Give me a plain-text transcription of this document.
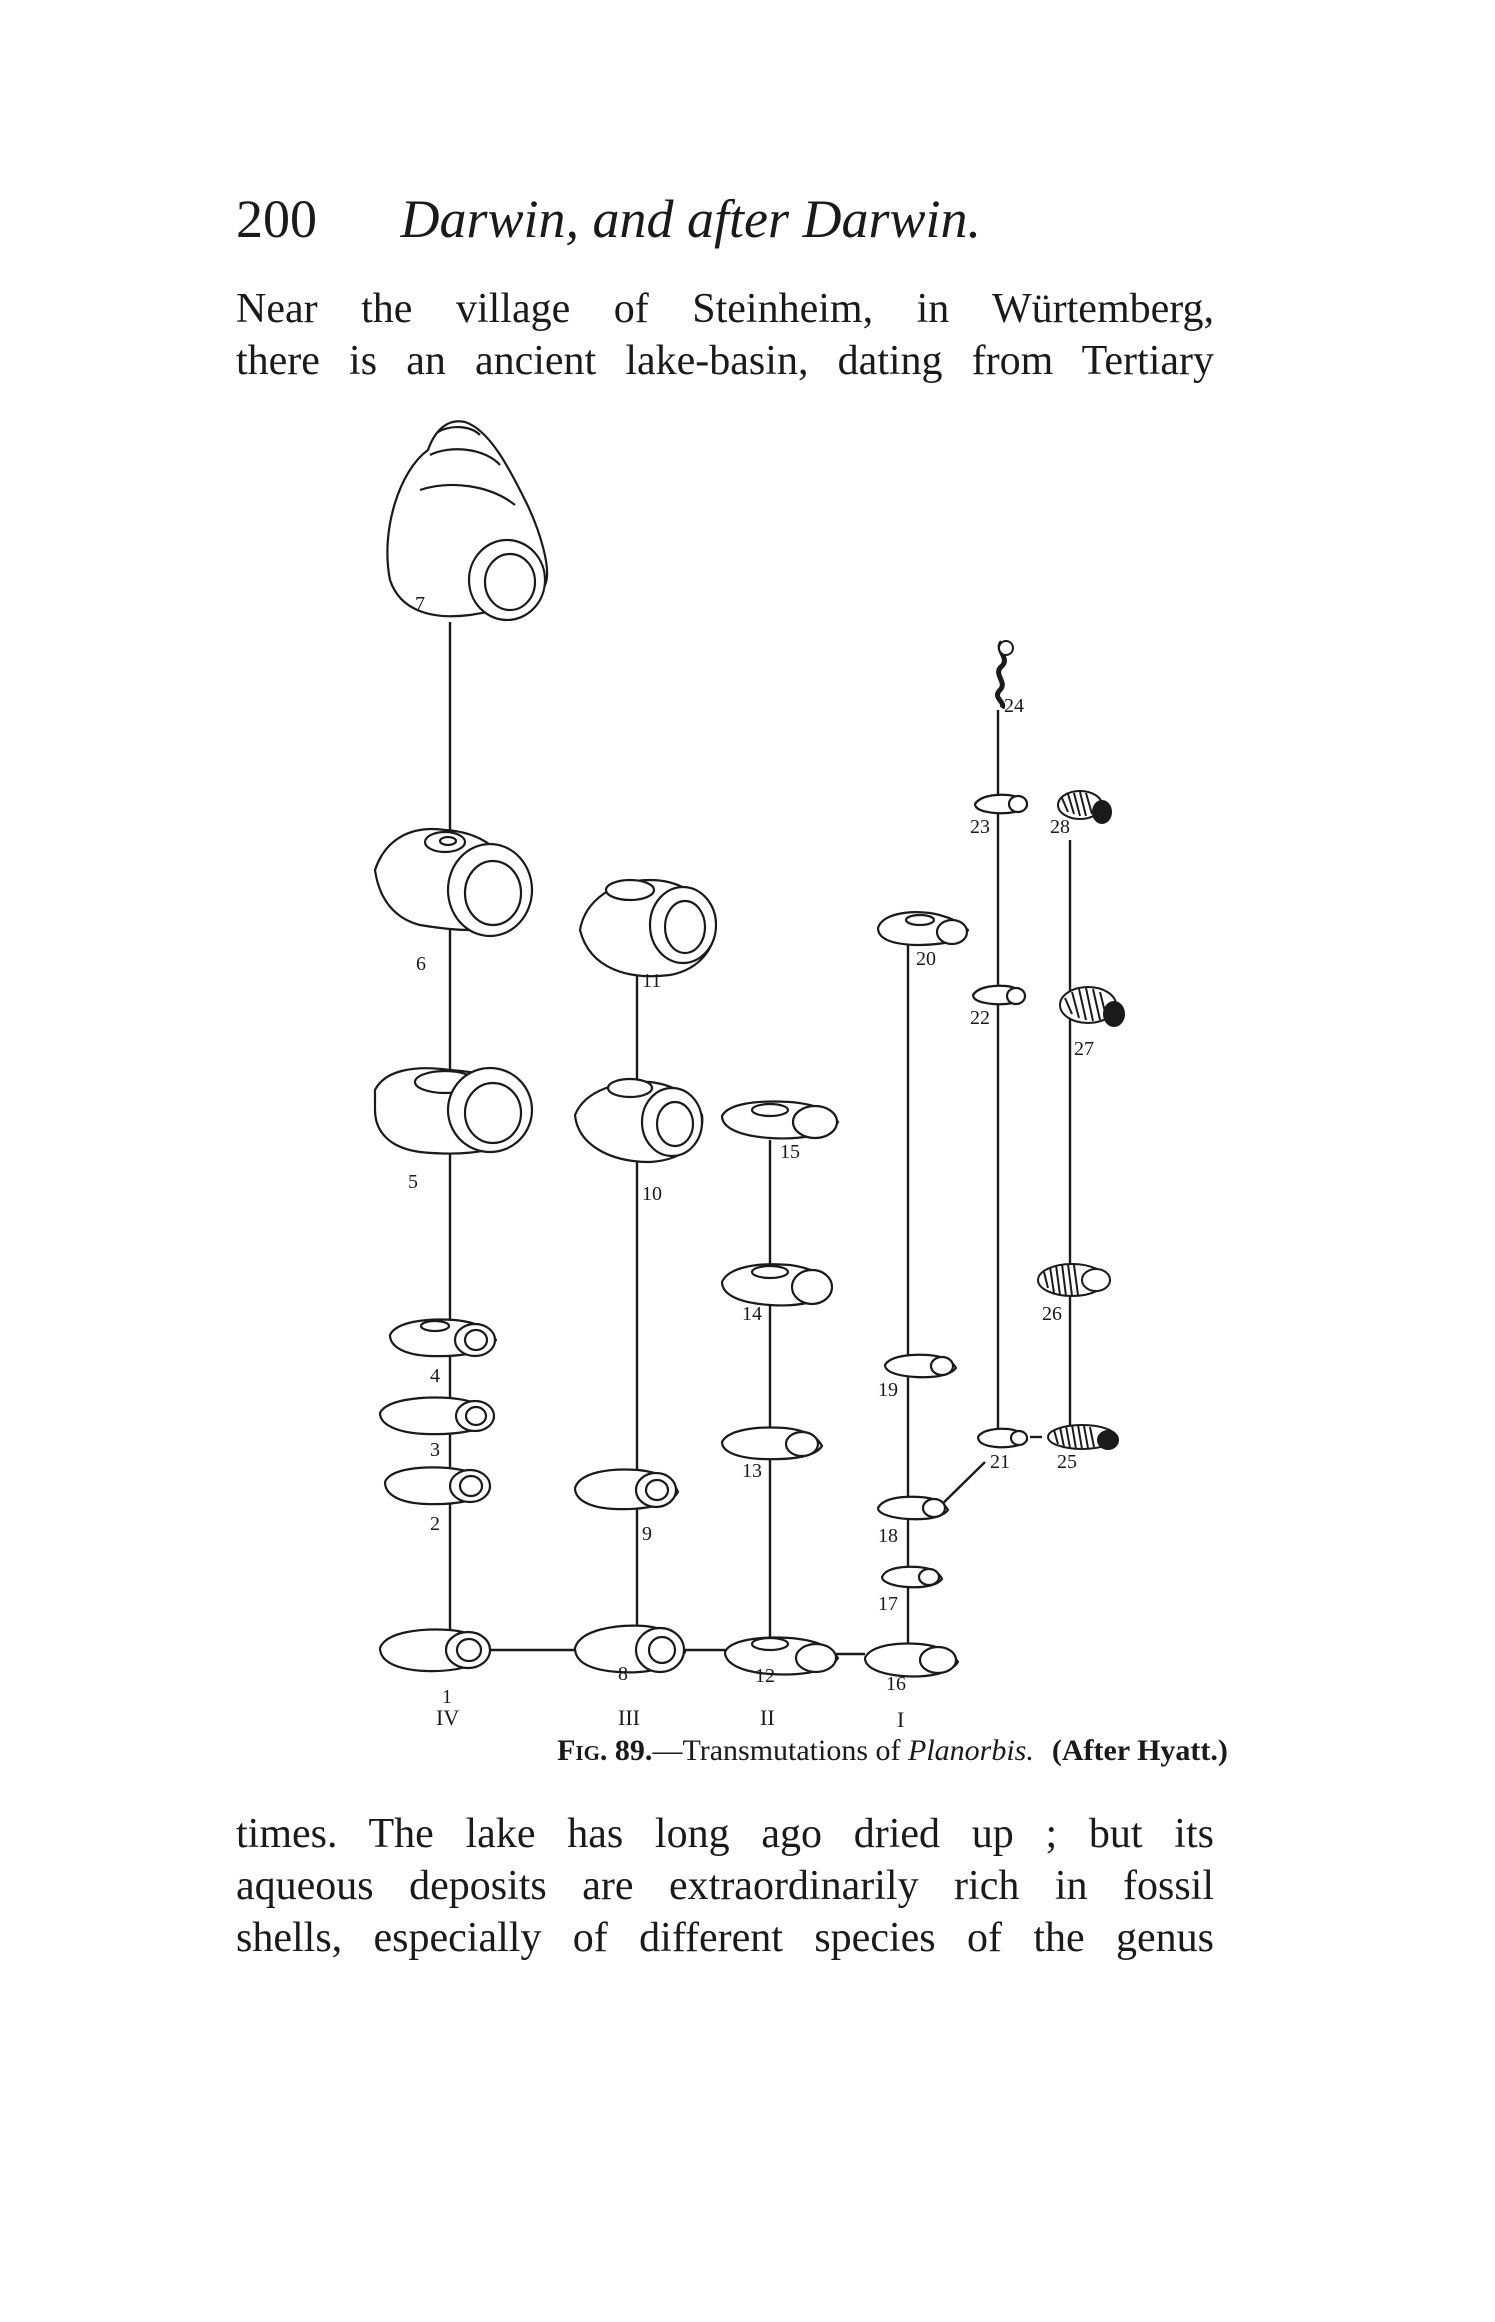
200 Darwin, and after Darwin.
Near the village of Steinheim, in Würtemberg,
there is an ancient lake-basin, dating from Tertiary
1
2
3
4
5
6
7
8
9
10
11
12
13
14
15
16
17
18
19
20
21
22
23
24
25
26
27
28
IV	III	II	I
Fig. 89.—Transmutations of Planorbis. (After Hyatt.)
times. The lake has long ago dried up ; but its
aqueous deposits are extraordinarily rich in fossil
shells, especially of different species of the genus
